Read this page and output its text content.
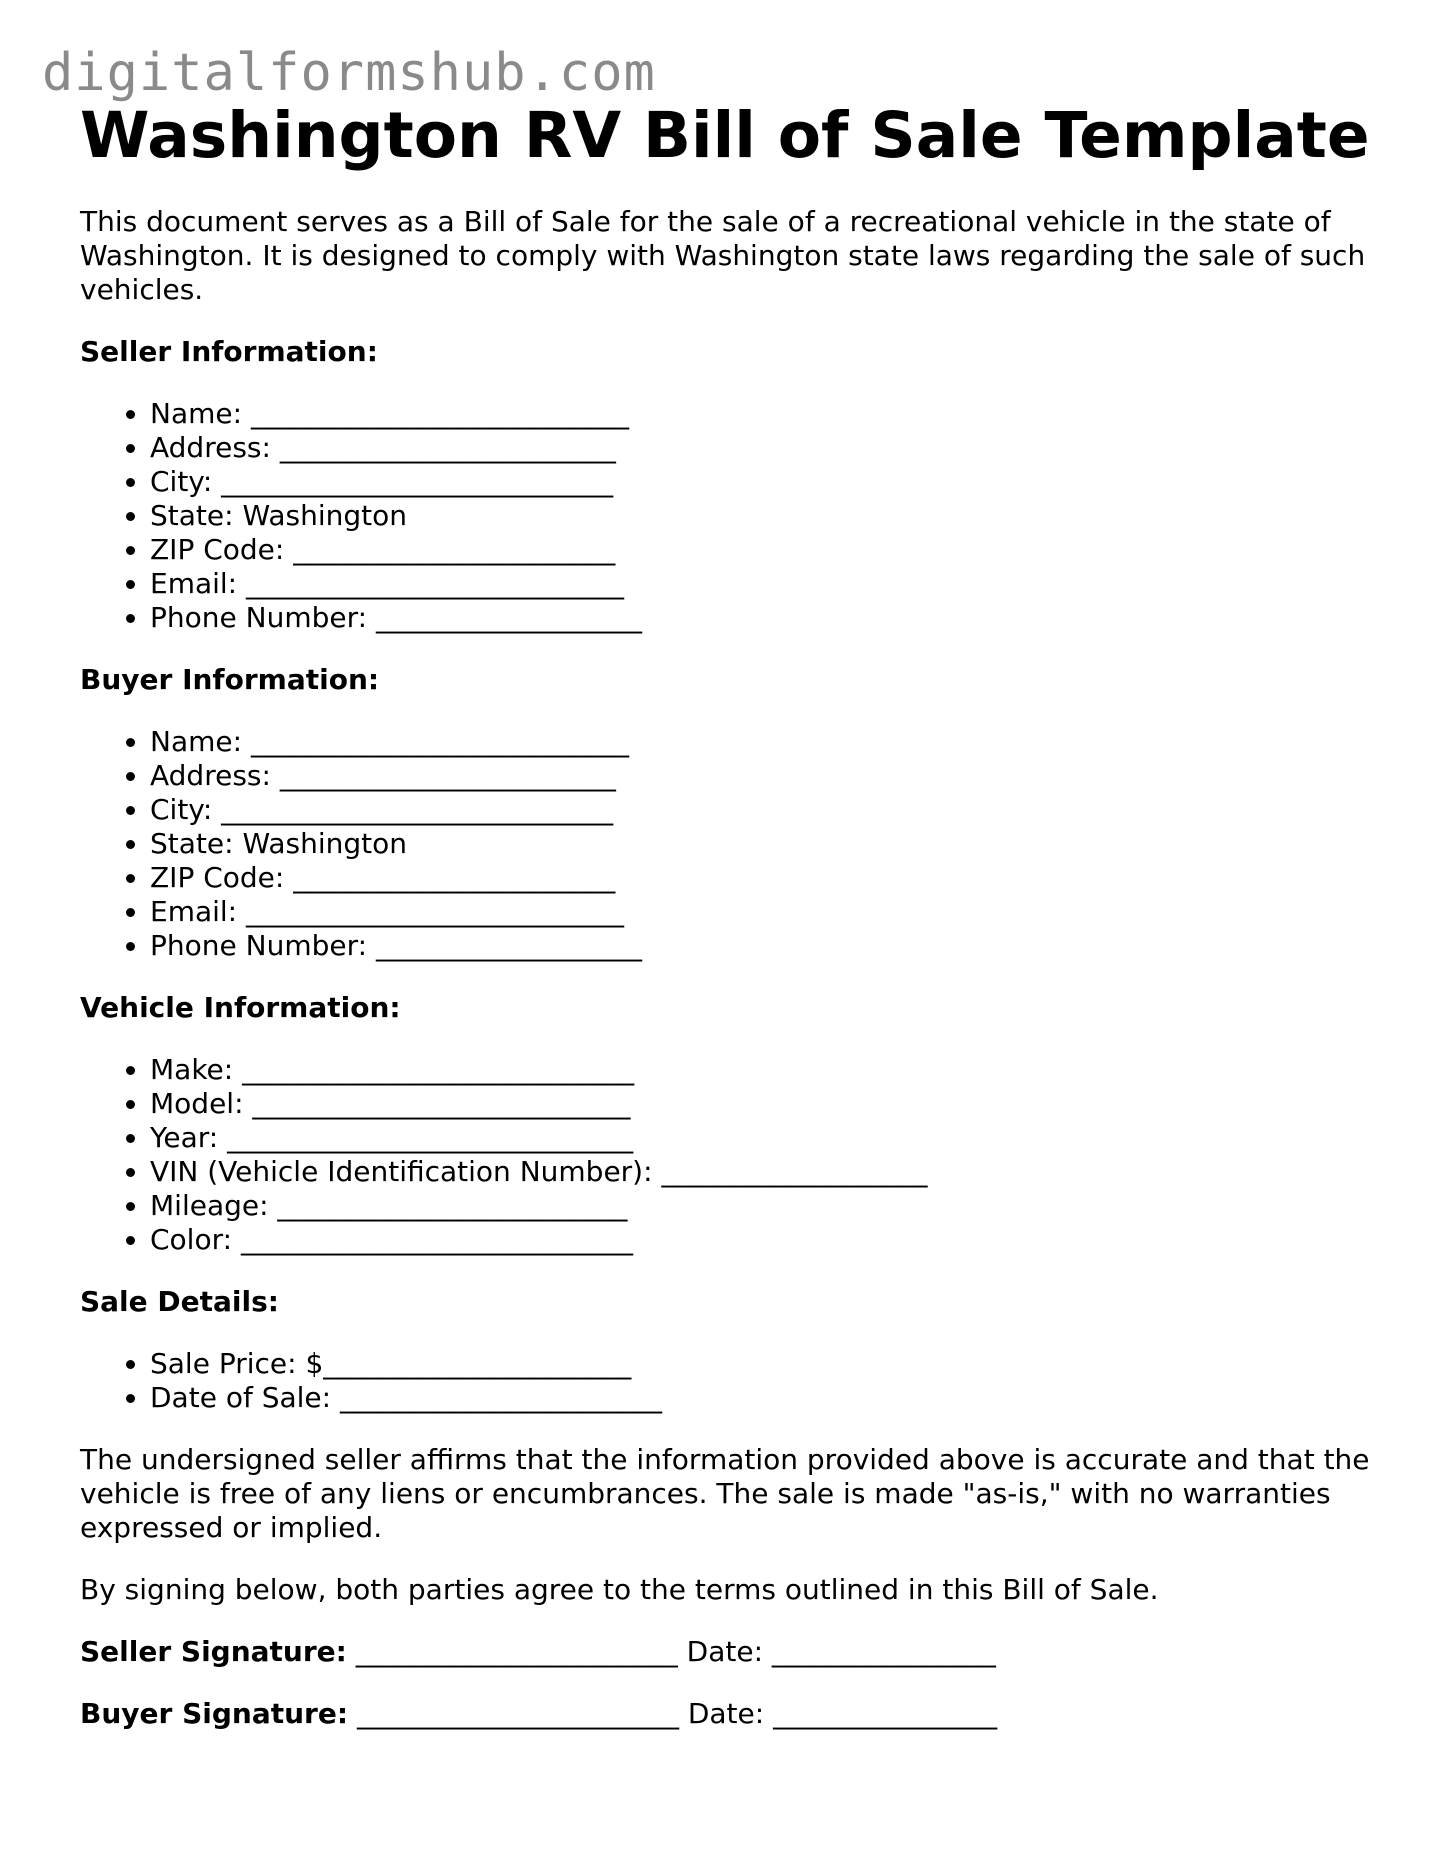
digitalformshub.com
Washington RV Bill of Sale Template

This document serves as a Bill of Sale for the sale of a recreational vehicle in the state of Washington. It is designed to comply with Washington state laws regarding the sale of such vehicles.

Seller Information:
• Name: ___________________________
• Address: ________________________
• City: ____________________________
• State: Washington
• ZIP Code: _______________________
• Email: ___________________________
• Phone Number: ___________________
Buyer Information:
• Name: ___________________________
• Address: ________________________
• City: ____________________________
• State: Washington
• ZIP Code: _______________________
• Email: ___________________________
• Phone Number: ___________________
Vehicle Information:
• Make: ____________________________
• Model: ___________________________
• Year: _____________________________
• VIN (Vehicle Identification Number): ___________________
• Mileage: _________________________
• Color: ____________________________
Sale Details:
• Sale Price: $______________________
• Date of Sale: _______________________

The undersigned seller affirms that the information provided above is accurate and that the vehicle is free of any liens or encumbrances. The sale is made "as-is," with no warranties expressed or implied.

By signing below, both parties agree to the terms outlined in this Bill of Sale.

Seller Signature: _______________________ Date: ________________
Buyer Signature: _______________________ Date: ________________
